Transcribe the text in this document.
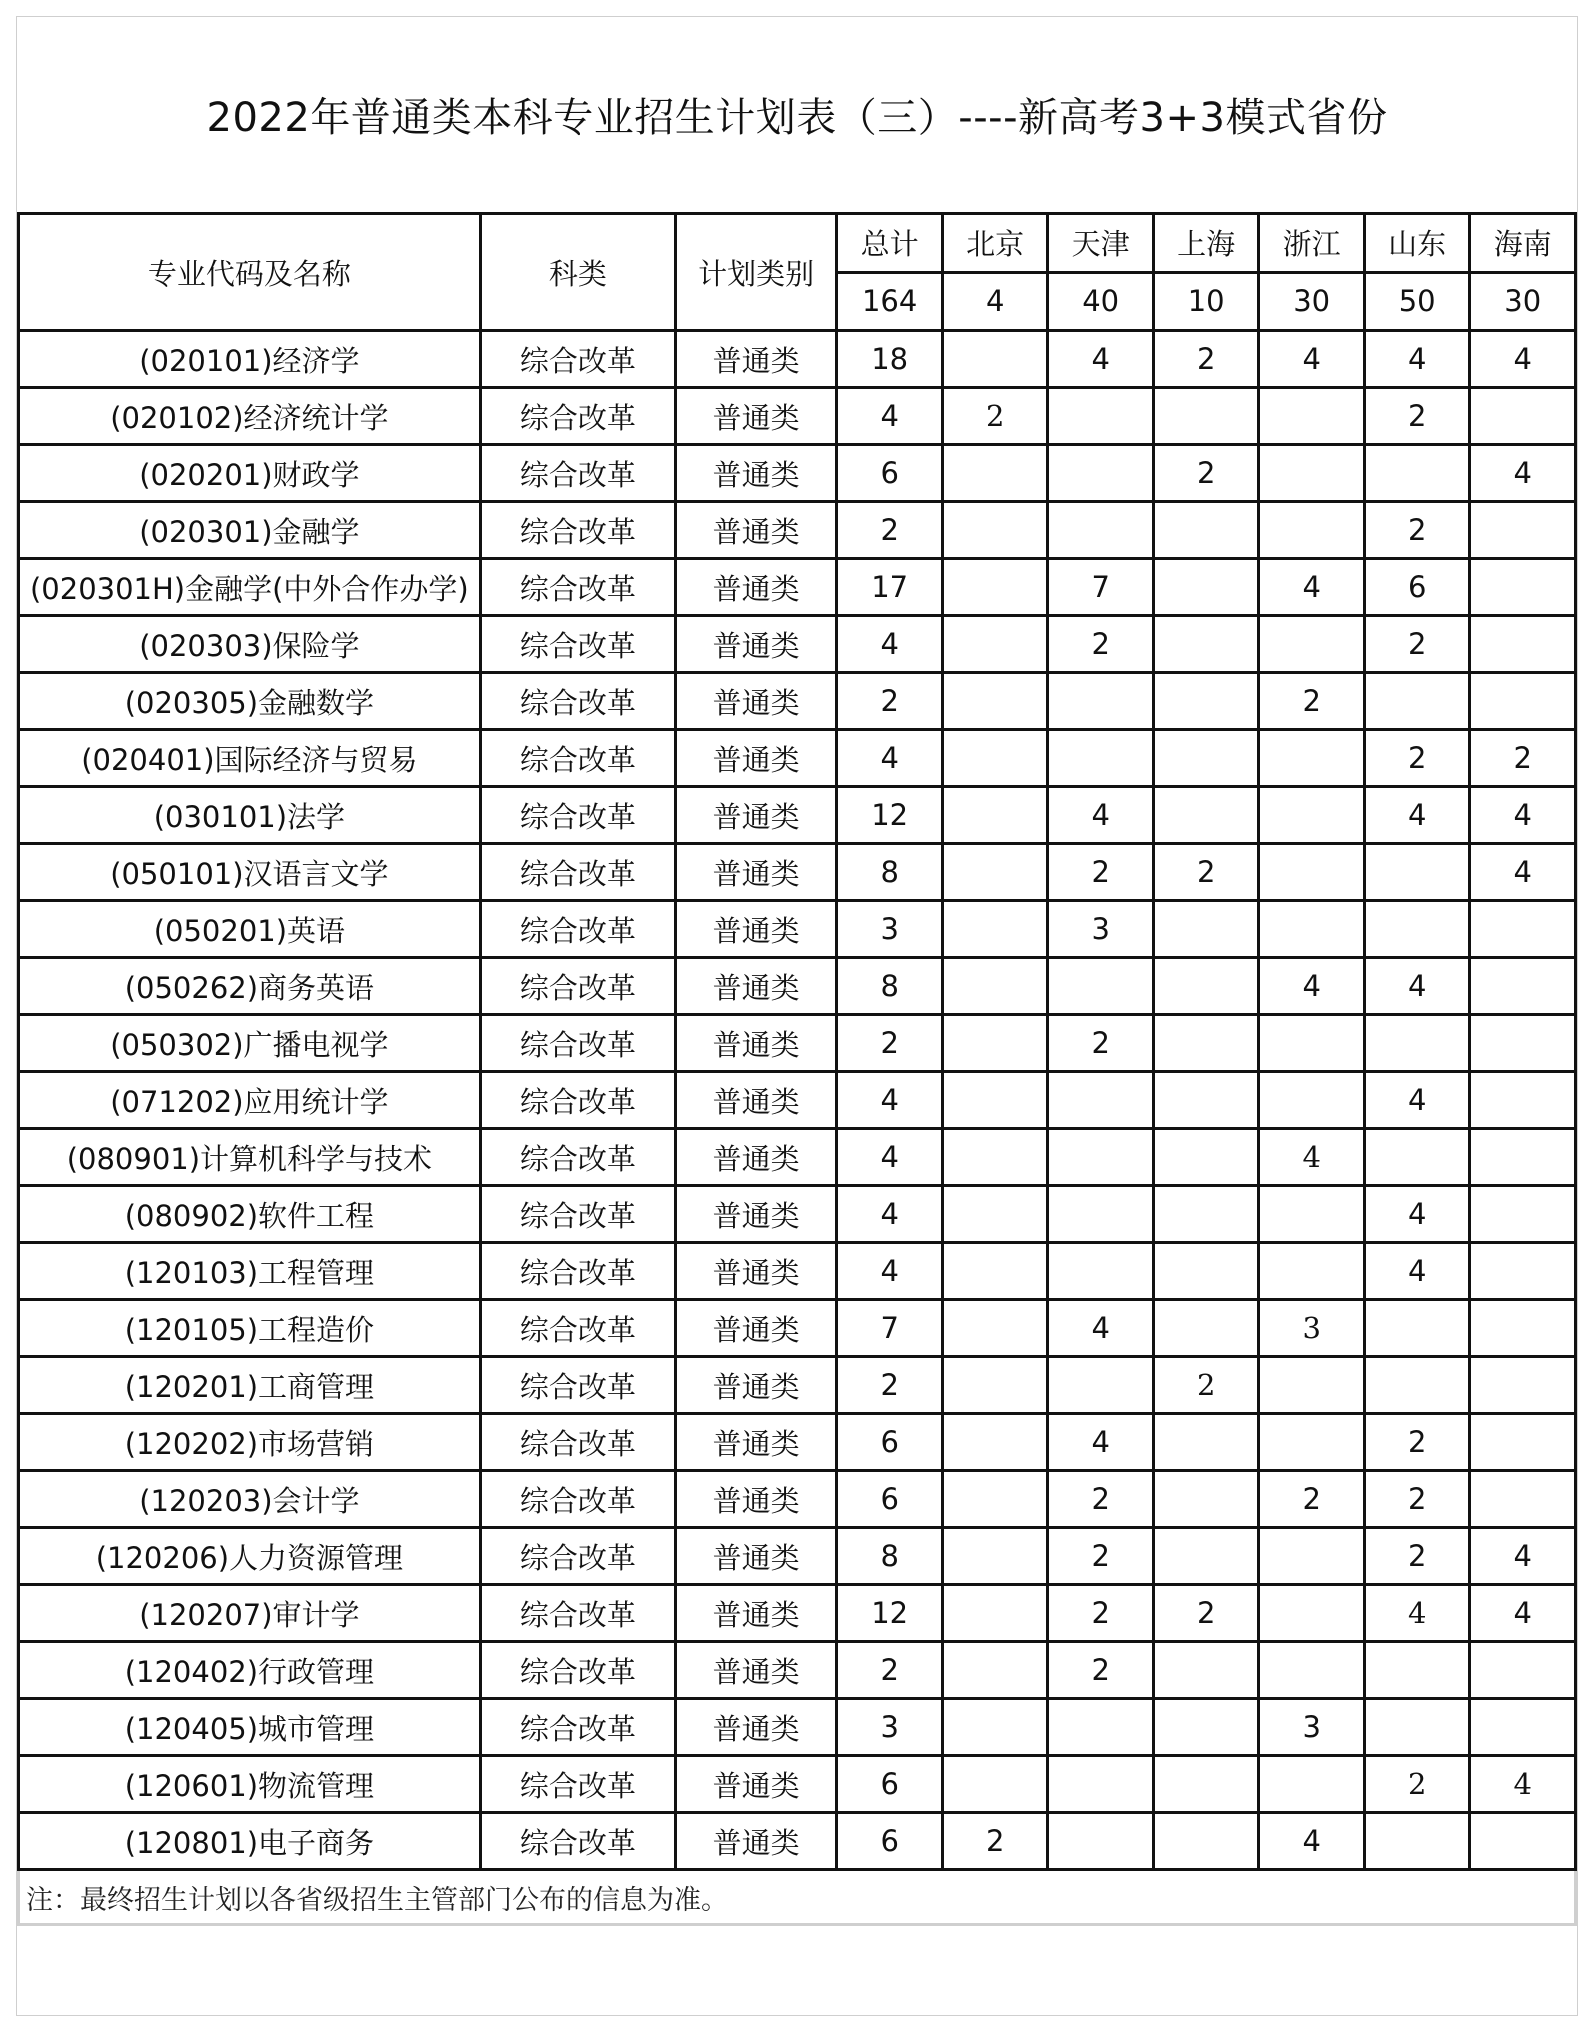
2022年普通类本科专业招生计划表（三）----新高考3+3模式省份
专业代码及名称	科类	计划类别	总计	北京	天津	上海	浙江	山东	海南
			164	4	40	10	30	50	30
(020101)经济学	综合改革	普通类	18		4	2	4	4	4
(020102)经济统计学	综合改革	普通类	4	2				2	
(020201)财政学	综合改革	普通类	6			2			4
(020301)金融学	综合改革	普通类	2					2	
(020301H)金融学(中外合作办学)	综合改革	普通类	17		7		4	6	
(020303)保险学	综合改革	普通类	4		2			2	
(020305)金融数学	综合改革	普通类	2				2		
(020401)国际经济与贸易	综合改革	普通类	4					2	2
(030101)法学	综合改革	普通类	12		4			4	4
(050101)汉语言文学	综合改革	普通类	8		2	2			4
(050201)英语	综合改革	普通类	3		3				
(050262)商务英语	综合改革	普通类	8				4	4	
(050302)广播电视学	综合改革	普通类	2		2				
(071202)应用统计学	综合改革	普通类	4					4	
(080901)计算机科学与技术	综合改革	普通类	4				4		
(080902)软件工程	综合改革	普通类	4					4	
(120103)工程管理	综合改革	普通类	4					4	
(120105)工程造价	综合改革	普通类	7		4		3		
(120201)工商管理	综合改革	普通类	2			2			
(120202)市场营销	综合改革	普通类	6		4			2	
(120203)会计学	综合改革	普通类	6		2		2	2	
(120206)人力资源管理	综合改革	普通类	8		2			2	4
(120207)审计学	综合改革	普通类	12		2	2		4	4
(120402)行政管理	综合改革	普通类	2		2				
(120405)城市管理	综合改革	普通类	3				3		
(120601)物流管理	综合改革	普通类	6					2	4
(120801)电子商务	综合改革	普通类	6	2			4		
注：最终招生计划以各省级招生主管部门公布的信息为准。									
